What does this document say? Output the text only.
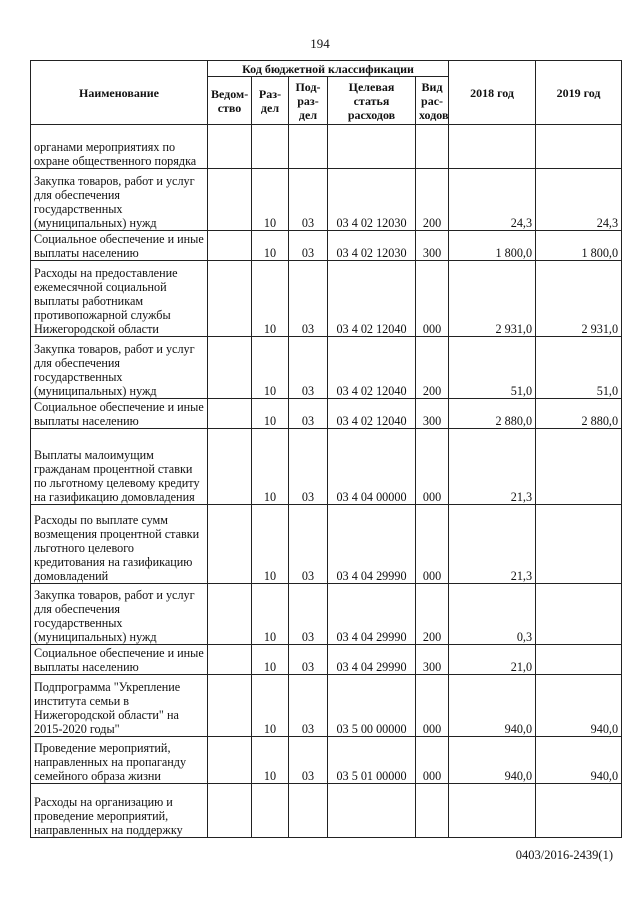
194
Наименование	Код бюджетной классификации					2018 год	2019 год
	Ведом-ство	Раз-дел	Под-раз-дел	Целевая статья расходов	Вид рас-ходов		
органами мероприятиях по охране общественного порядка							
Закупка товаров, работ и услуг для обеспечения государственных (муниципальных) нужд		10	03	03 4 02 12030	200	24,3	24,3
Социальное обеспечение и иные выплаты населению		10	03	03 4 02 12030	300	1 800,0	1 800,0
Расходы на предоставление ежемесячной социальной выплаты работникам противопожарной службы Нижегородской области		10	03	03 4 02 12040	000	2 931,0	2 931,0
Закупка товаров, работ и услуг для обеспечения государственных (муниципальных) нужд		10	03	03 4 02 12040	200	51,0	51,0
Социальное обеспечение и иные выплаты населению		10	03	03 4 02 12040	300	2 880,0	2 880,0
Выплаты малоимущим гражданам процентной ставки по льготному целевому кредиту на газификацию домовладения		10	03	03 4 04 00000	000	21,3	
Расходы по выплате сумм возмещения процентной ставки льготного целевого кредитования на газификацию домовладений		10	03	03 4 04 29990	000	21,3	
Закупка товаров, работ и услуг для обеспечения государственных (муниципальных) нужд		10	03	03 4 04 29990	200	0,3	
Социальное обеспечение и иные выплаты населению		10	03	03 4 04 29990	300	21,0	
Подпрограмма "Укрепление института семьи в Нижегородской области" на 2015-2020 годы"		10	03	03 5 00 00000	000	940,0	940,0
Проведение мероприятий, направленных на пропаганду семейного образа жизни		10	03	03 5 01 00000	000	940,0	940,0
Расходы на организацию и проведение мероприятий, направленных на поддержку							
0403/2016-2439(1)
